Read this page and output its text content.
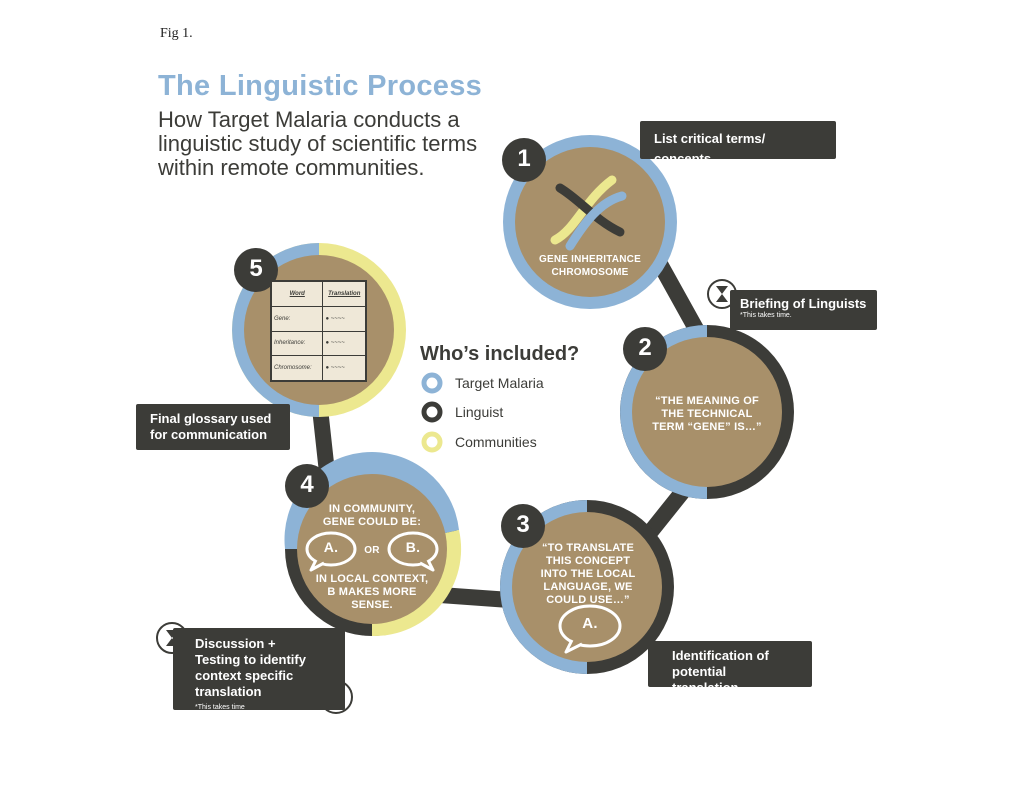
Fig 1.
The Linguistic Process
How Target Malaria conducts a linguistic study of scientific terms within remote communities.	1
2
3
4
5	GENE INHERITANCE CHROMOSOME
“THE MEANING OF THE TECHNICAL TERM “GENE” IS…”
“TO TRANSLATE THIS CONCEPT INTO THE LOCAL LANGUAGE, WE COULD USE…”
A.
IN COMMUNITY, GENE COULD BE:
A.	OR	B.
IN LOCAL CONTEXT, B MAKES MORE SENSE.
Word	Translation
Gene:	● ~~~~
Inheritance:	● ~~~~
Chromosome:	● ~~~~
Who’s included?
Target Malaria
Linguist
Communities
List critical terms/ concepts
Briefing of Linguists
*This takes time.
Identification of potential translation
Discussion + Testing to identify context specific translation
*This takes time
*Repeat as necessary
Final glossary used for communication
